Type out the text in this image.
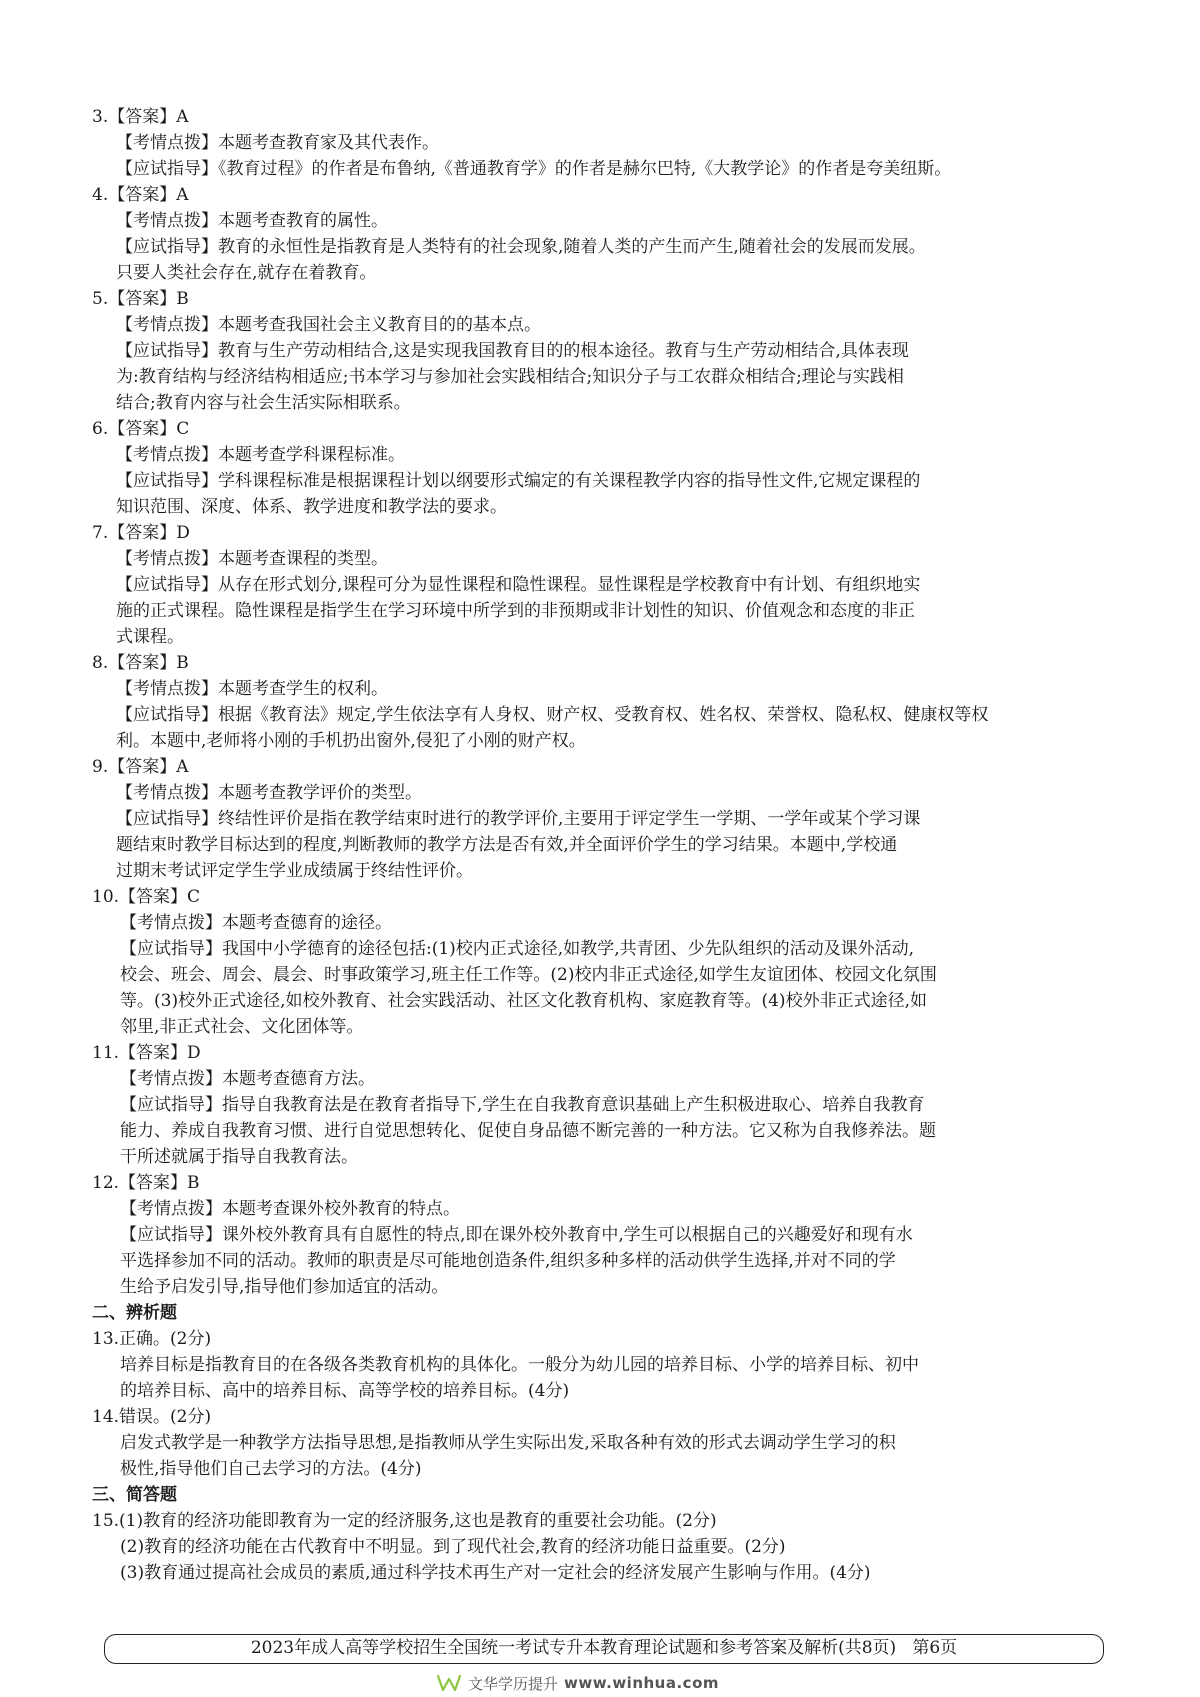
3.【答案】A
【考情点拨】本题考查教育家及其代表作。
【应试指导】《教育过程》的作者是布鲁纳,《普通教育学》的作者是赫尔巴特,《大教学论》的作者是夸美纽斯。
4.【答案】A
【考情点拨】本题考查教育的属性。
【应试指导】教育的永恒性是指教育是人类特有的社会现象,随着人类的产生而产生,随着社会的发展而发展。
只要人类社会存在,就存在着教育。
5.【答案】B
【考情点拨】本题考查我国社会主义教育目的的基本点。
【应试指导】教育与生产劳动相结合,这是实现我国教育目的的根本途径。教育与生产劳动相结合,具体表现
为:教育结构与经济结构相适应;书本学习与参加社会实践相结合;知识分子与工农群众相结合;理论与实践相
结合;教育内容与社会生活实际相联系。
6.【答案】C
【考情点拨】本题考查学科课程标准。
【应试指导】学科课程标准是根据课程计划以纲要形式编定的有关课程教学内容的指导性文件,它规定课程的
知识范围、深度、体系、教学进度和教学法的要求。
7.【答案】D
【考情点拨】本题考查课程的类型。
【应试指导】从存在形式划分,课程可分为显性课程和隐性课程。显性课程是学校教育中有计划、有组织地实
施的正式课程。隐性课程是指学生在学习环境中所学到的非预期或非计划性的知识、价值观念和态度的非正
式课程。
8.【答案】B
【考情点拨】本题考查学生的权利。
【应试指导】根据《教育法》规定,学生依法享有人身权、财产权、受教育权、姓名权、荣誉权、隐私权、健康权等权
利。本题中,老师将小刚的手机扔出窗外,侵犯了小刚的财产权。
9.【答案】A
【考情点拨】本题考查教学评价的类型。
【应试指导】终结性评价是指在教学结束时进行的教学评价,主要用于评定学生一学期、一学年或某个学习课
题结束时教学目标达到的程度,判断教师的教学方法是否有效,并全面评价学生的学习结果。本题中,学校通
过期末考试评定学生学业成绩属于终结性评价。
10.【答案】C
【考情点拨】本题考查德育的途径。
【应试指导】我国中小学德育的途径包括:(1)校内正式途径,如教学,共青团、少先队组织的活动及课外活动,
校会、班会、周会、晨会、时事政策学习,班主任工作等。(2)校内非正式途径,如学生友谊团体、校园文化氛围
等。(3)校外正式途径,如校外教育、社会实践活动、社区文化教育机构、家庭教育等。(4)校外非正式途径,如
邻里,非正式社会、文化团体等。
11.【答案】D
【考情点拨】本题考查德育方法。
【应试指导】指导自我教育法是在教育者指导下,学生在自我教育意识基础上产生积极进取心、培养自我教育
能力、养成自我教育习惯、进行自觉思想转化、促使自身品德不断完善的一种方法。它又称为自我修养法。题
干所述就属于指导自我教育法。
12.【答案】B
【考情点拨】本题考查课外校外教育的特点。
【应试指导】课外校外教育具有自愿性的特点,即在课外校外教育中,学生可以根据自己的兴趣爱好和现有水
平选择参加不同的活动。教师的职责是尽可能地创造条件,组织多种多样的活动供学生选择,并对不同的学
生给予启发引导,指导他们参加适宜的活动。
二、辨析题
13.正确。(2分)
培养目标是指教育目的在各级各类教育机构的具体化。一般分为幼儿园的培养目标、小学的培养目标、初中
的培养目标、高中的培养目标、高等学校的培养目标。(4分)
14.错误。(2分)
启发式教学是一种教学方法指导思想,是指教师从学生实际出发,采取各种有效的形式去调动学生学习的积
极性,指导他们自己去学习的方法。(4分)
三、简答题
15.(1)教育的经济功能即教育为一定的经济服务,这也是教育的重要社会功能。(2分)
(2)教育的经济功能在古代教育中不明显。到了现代社会,教育的经济功能日益重要。(2分)
(3)教育通过提高社会成员的素质,通过科学技术再生产对一定社会的经济发展产生影响与作用。(4分)
2023年成人高等学校招生全国统一考试专升本教育理论试题和参考答案及解析(共8页)   第6页
文华学历提升 www.winhua.com
